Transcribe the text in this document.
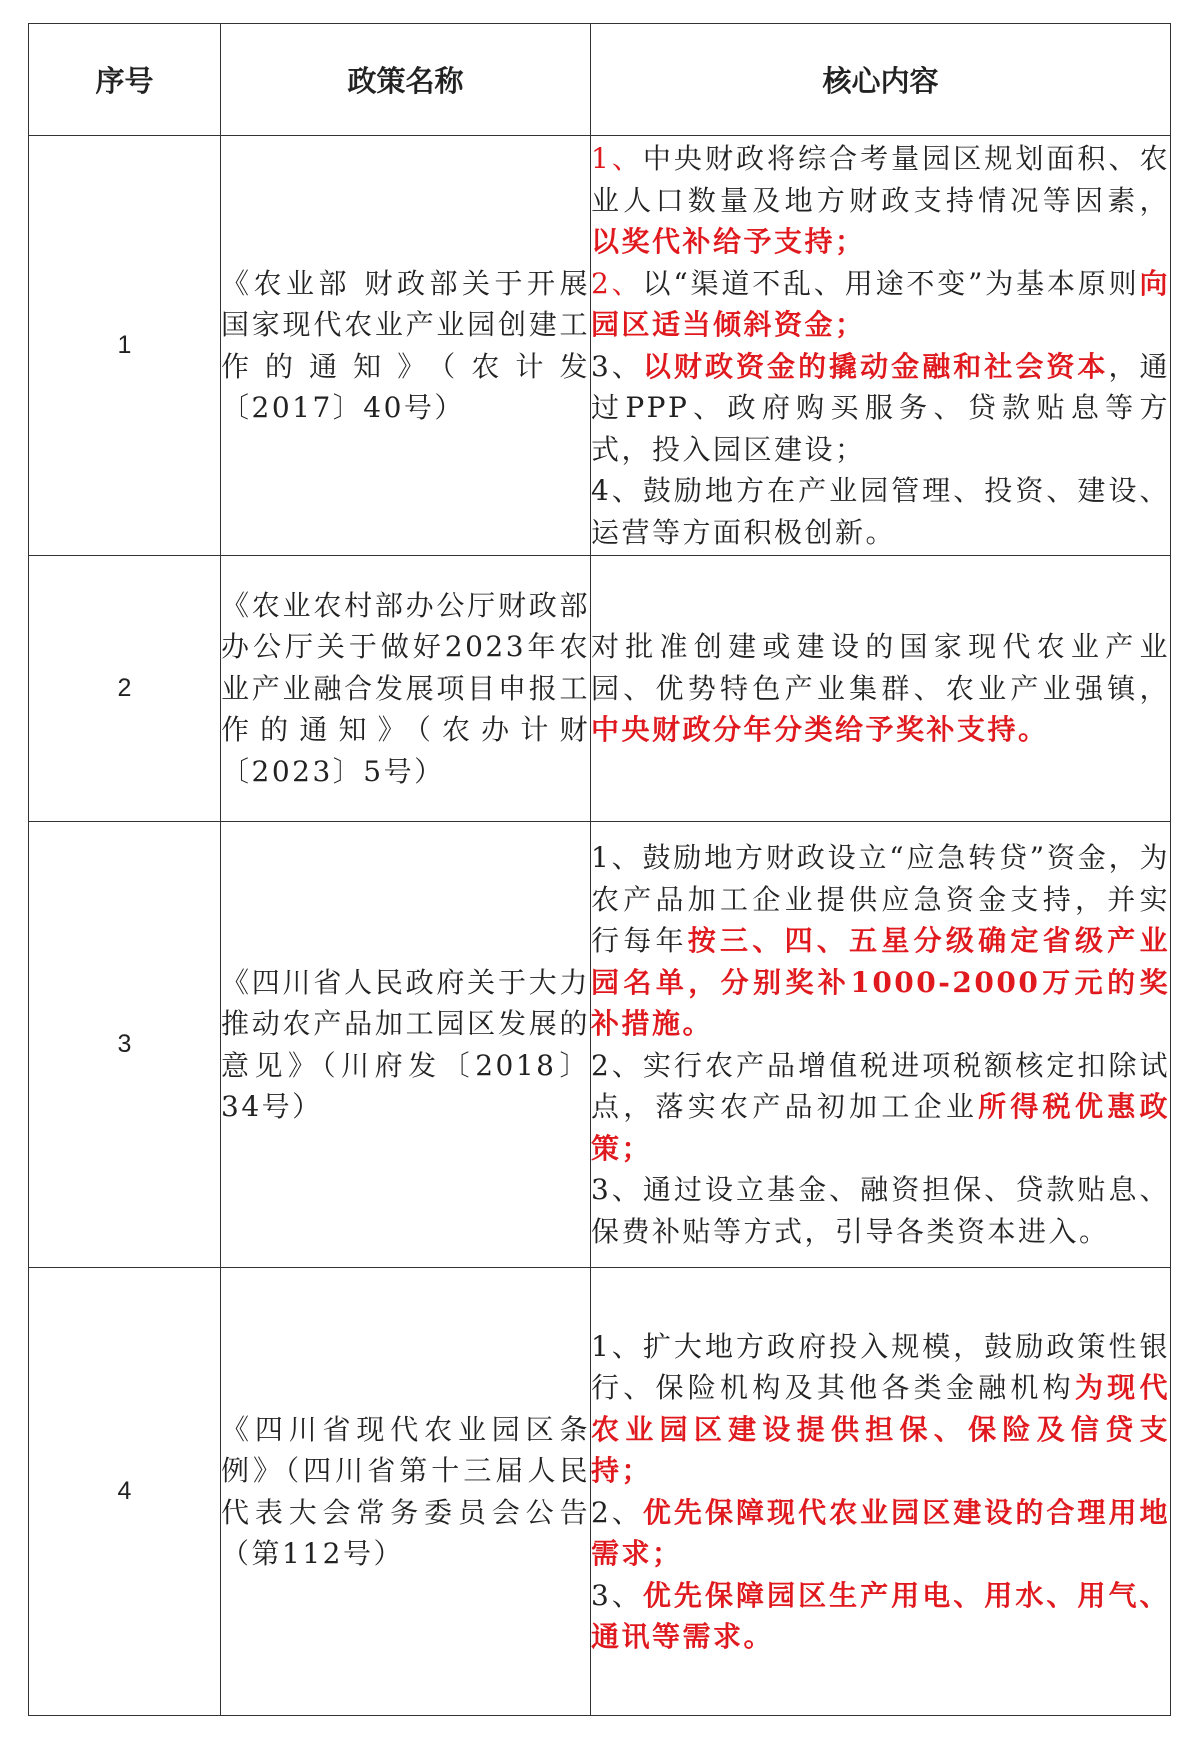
序号	政策名称	核心内容
1	《农业部 财政部关于开展国家现代农业产业园创建工作的通知》（农计发〔2017〕40号）	1、中央财政将综合考量园区规划面积、农业人口数量及地方财政支持情况等因素，以奖代补给予支持；
2、以“渠道不乱、用途不变”为基本原则向园区适当倾斜资金；
3、以财政资金的撬动金融和社会资本，通过PPP、政府购买服务、贷款贴息等方式，投入园区建设；
4、鼓励地方在产业园管理、投资、建设、运营等方面积极创新。

2	《农业农村部办公厅财政部办公厅关于做好2023年农业产业融合发展项目申报工作的通知》（农办计财〔2023〕5号）	对批准创建或建设的国家现代农业产业园、优势特色产业集群、农业产业强镇，中央财政分年分类给予奖补支持。

3	《四川省人民政府关于大力推动农产品加工园区发展的意见》（川府发〔2018〕34号）	1、鼓励地方财政设立“应急转贷”资金，为农产品加工企业提供应急资金支持，并实行每年按三、四、五星分级确定省级产业园名单，分别奖补1000-2000万元的奖补措施。
2、实行农产品增值税进项税额核定扣除试点，落实农产品初加工企业所得税优惠政策；
3、通过设立基金、融资担保、贷款贴息、保费补贴等方式，引导各类资本进入。

4	《四川省现代农业园区条例》（四川省第十三届人民代表大会常务委员会公告（第112号）	1、扩大地方政府投入规模，鼓励政策性银行、保险机构及其他各类金融机构为现代农业园区建设提供担保、保险及信贷支持；
2、优先保障现代农业园区建设的合理用地需求；
3、优先保障园区生产用电、用水、用气、通讯等需求。
